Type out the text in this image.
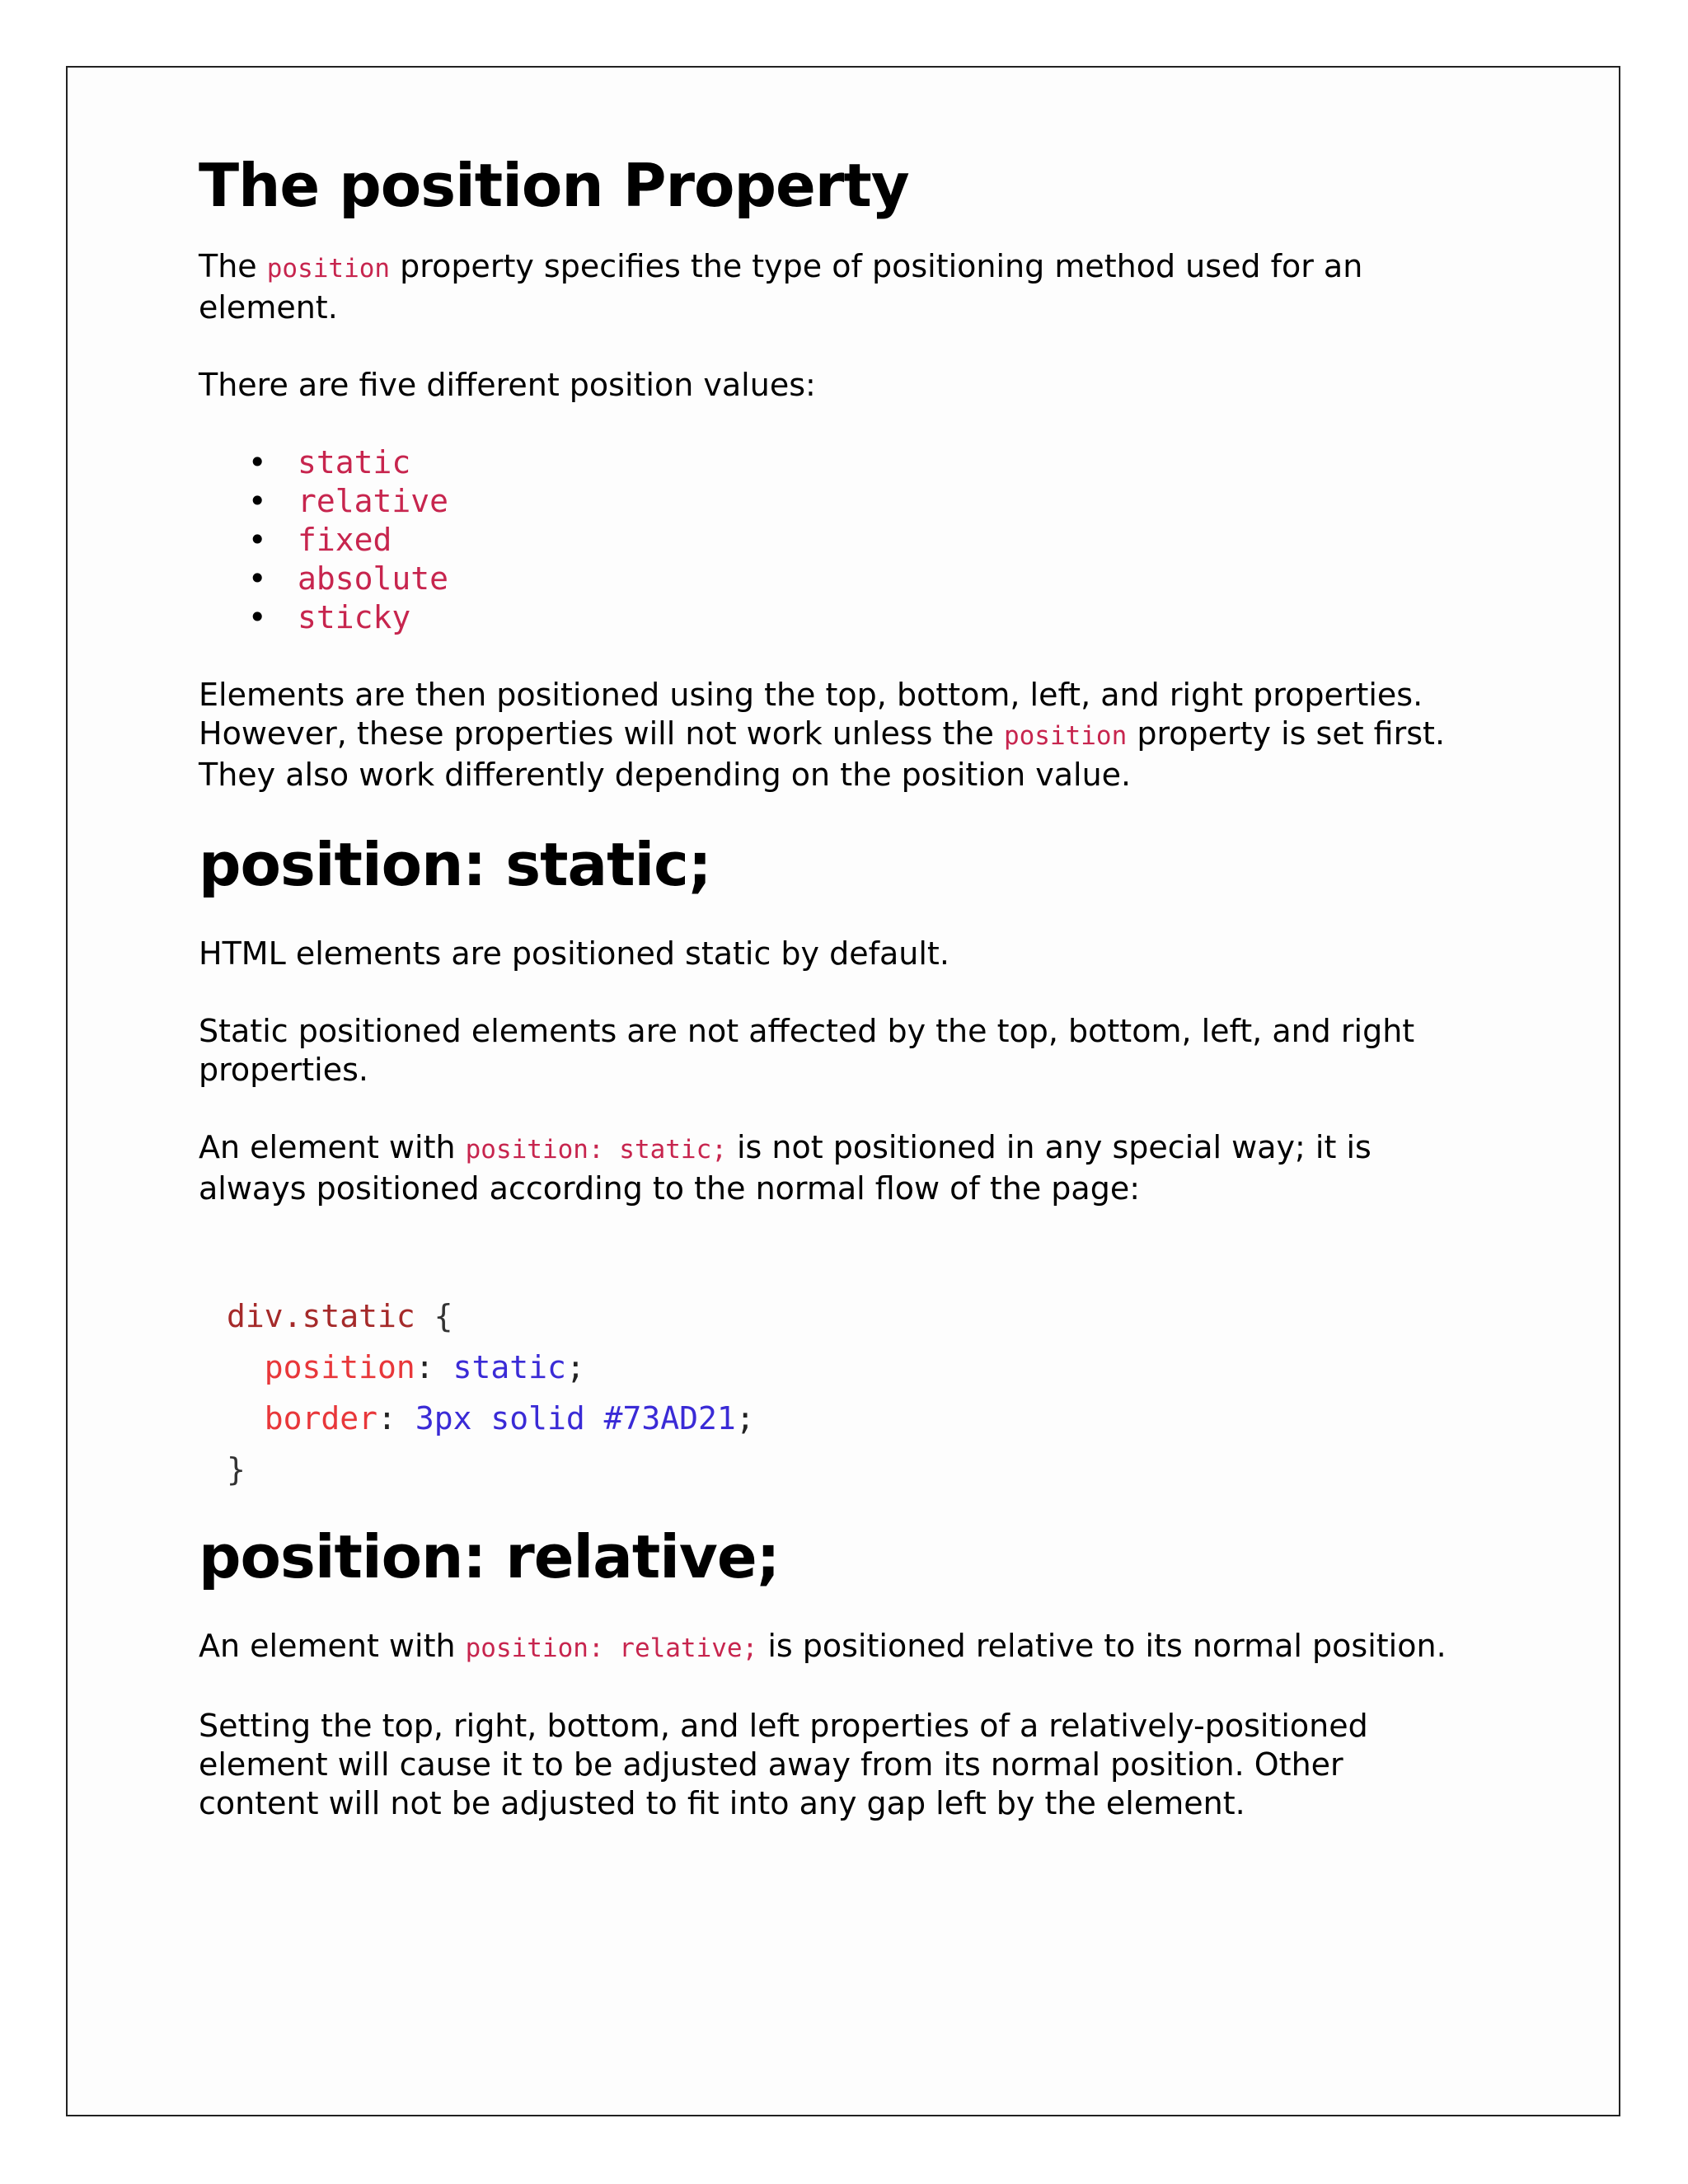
The position Property

The position property specifies the type of positioning method used for an element.

There are five different position values:

• static
• relative
• fixed
• absolute
• sticky

Elements are then positioned using the top, bottom, left, and right properties.
However, these properties will not work unless the position property is set first.
They also work differently depending on the position value.

position: static;

HTML elements are positioned static by default.

Static positioned elements are not affected by the top, bottom, left, and right properties.

An element with position: static; is not positioned in any special way; it is always positioned according to the normal flow of the page:

div.static {
position: static;
border: 3px solid #73AD21;
}
position: relative;

An element with position: relative; is positioned relative to its normal position.

Setting the top, right, bottom, and left properties of a relatively-positioned element will cause it to be adjusted away from its normal position. Other content will not be adjusted to fit into any gap left by the element.
